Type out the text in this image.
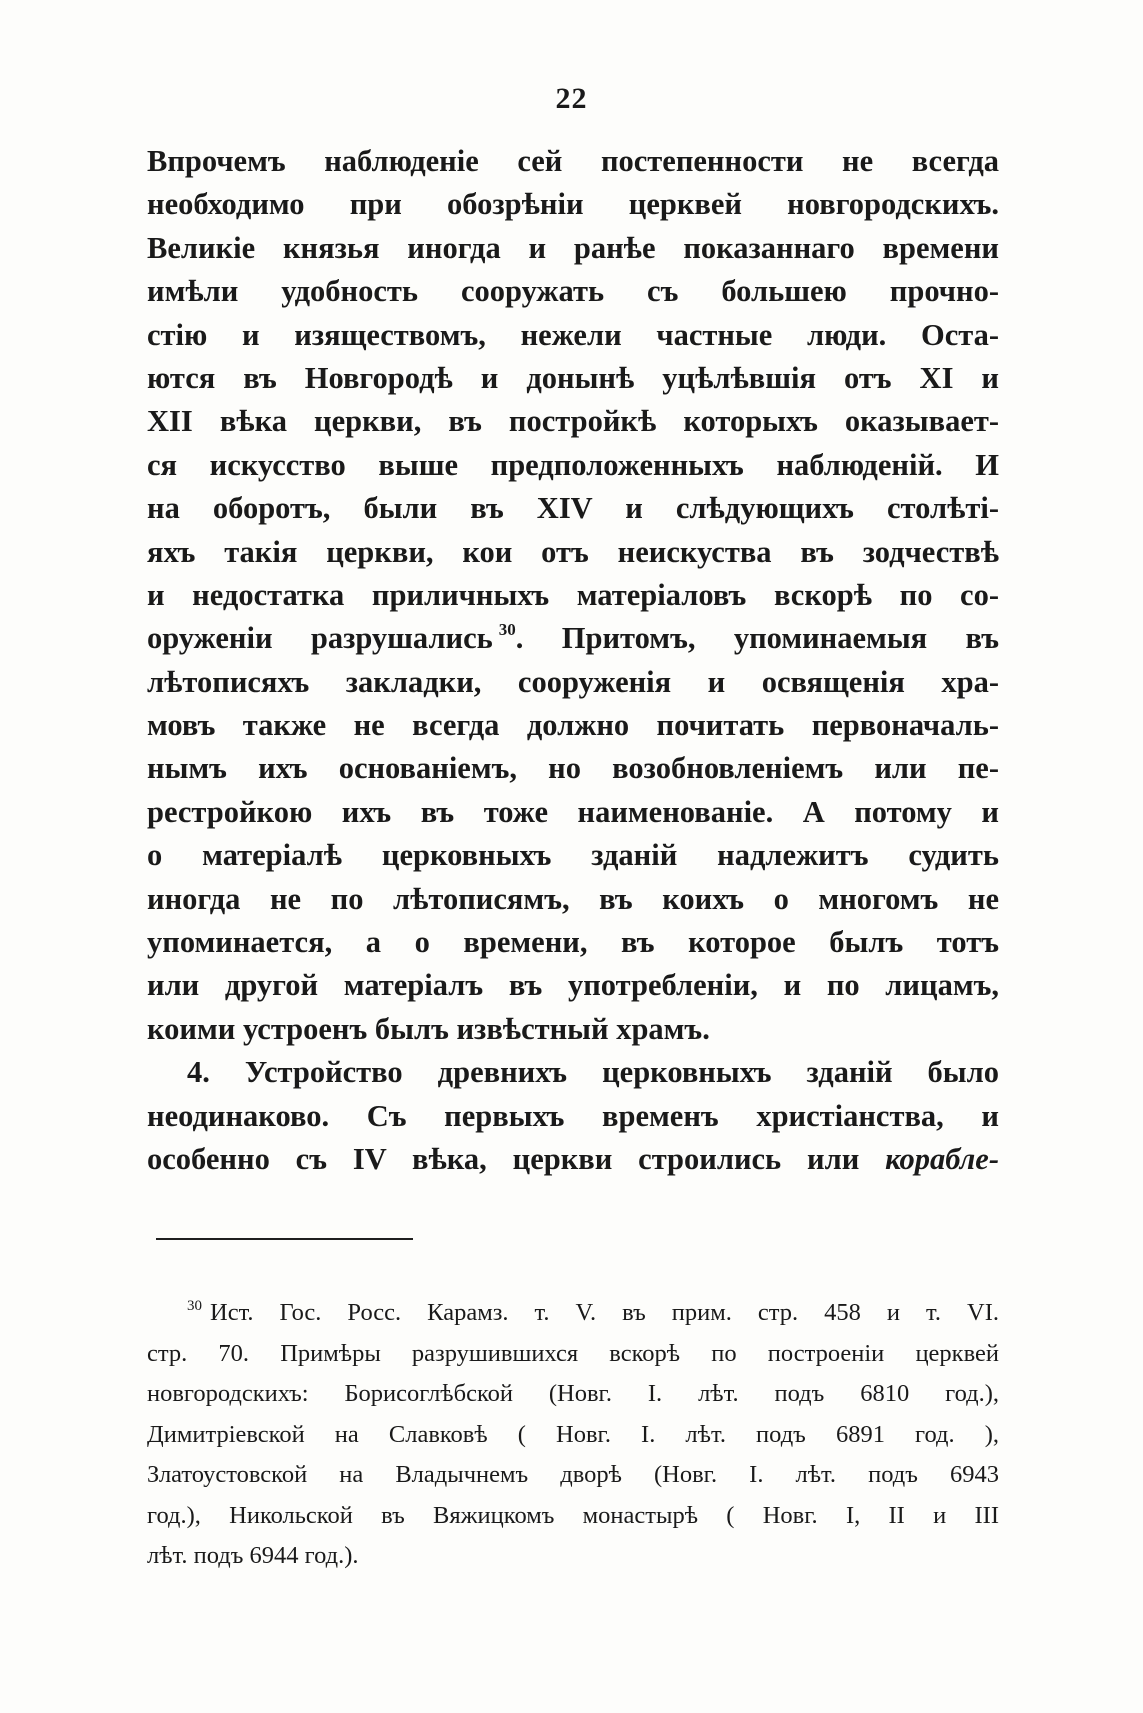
22
Впрочемъ наблюденіе сей постепенности не всегда
необходимо при обозрѣніи церквей новгородскихъ.
Великіе князья иногда и ранѣе показаннаго времени
имѣли удобность сооружать съ большею прочно-
стію и изяществомъ, нежели частные люди. Оста-
ются въ Новгородѣ и донынѣ уцѣлѣвшія отъ XI и
XII вѣка церкви, въ постройкѣ которыхъ оказывает-
ся искусство выше предположенныхъ наблюденій. И
на оборотъ, были въ XIV и слѣдующихъ столѣті-
яхъ такія церкви, кои отъ неискуства въ зодчествѣ
и недостатка приличныхъ матеріаловъ вскорѣ по со-
оруженіи разрушались $^{30}$. Притомъ, упоминаемыя въ
лѣтописяхъ закладки, сооруженія и освященія хра-
мовъ также не всегда должно почитать первоначаль-
нымъ ихъ основаніемъ, но возобновленіемъ или пе-
рестройкою ихъ въ тоже наименованіе. А потому и
о матеріалѣ церковныхъ зданій надлежитъ судить
иногда не по лѣтописямъ, въ коихъ о многомъ не
упоминается, а о времени, въ которое былъ тотъ
или другой матеріалъ въ употребленіи, и по лицамъ,
коими устроенъ былъ извѣстный храмъ.
4. Устройство древнихъ церковныхъ зданій было
неодинаково. Съ первыхъ временъ христіанства, и
особенно съ IV вѣка, церкви строились или корабле-
$^{30}$ Ист. Гос. Росс. Карамз. т. V. въ прим. стр. 458 и т. VI.
стр. 70. Примѣры разрушившихся вскорѣ по построеніи церквей
новгородскихъ: Борисоглѣбской (Новг. I. лѣт. подъ 6810 год.),
Димитріевской на Славковѣ ( Новг. I. лѣт. подъ 6891 год. ),
Златоустовской на Владычнемъ дворѣ (Новг. I. лѣт. подъ 6943
год.), Никольской въ Вяжицкомъ монастырѣ ( Новг. I, II и III
лѣт. подъ 6944 год.).
